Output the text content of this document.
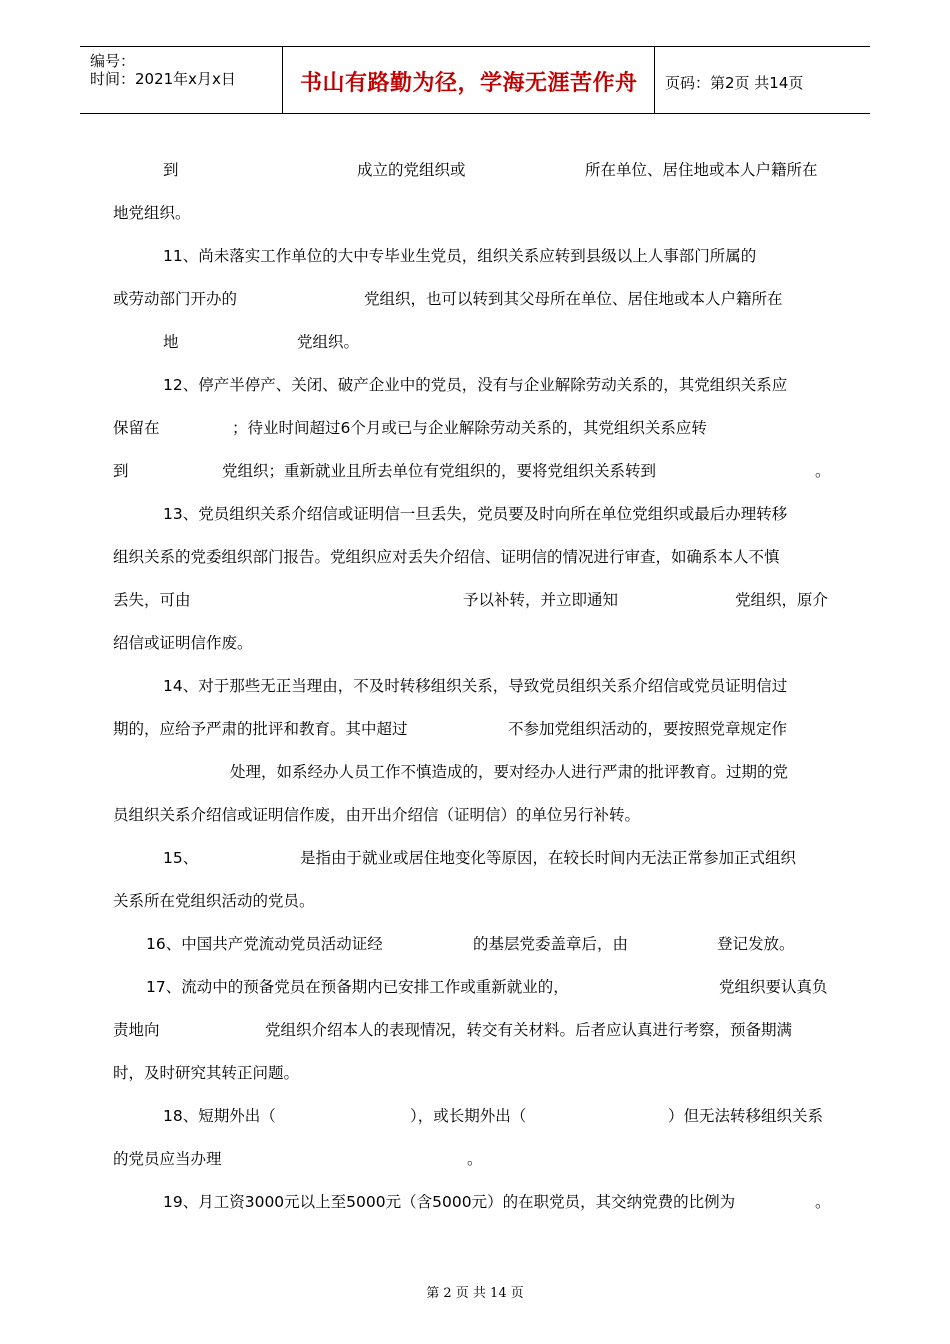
编号：
时间：2021年x月x日	书山有路勤为径，学海无涯苦作舟 页码：第2页 共14页
到	成立的党组织或	所在单位、居住地或本人户籍所在
地党组织。
11、尚未落实工作单位的大中专毕业生党员，组织关系应转到县级以上人事部门所属的
或劳动部门开办的	党组织，也可以转到其父母所在单位、居住地或本人户籍所在
地	党组织。
12、停产半停产、关闭、破产企业中的党员，没有与企业解除劳动关系的，其党组织关系应
保留在	；待业时间超过6个月或已与企业解除劳动关系的，其党组织关系应转
到	党组织；重新就业且所去单位有党组织的，要将党组织关系转到	。
13、党员组织关系介绍信或证明信一旦丢失，党员要及时向所在单位党组织或最后办理转移
组织关系的党委组织部门报告。党组织应对丢失介绍信、证明信的情况进行审查，如确系本人不慎
丢失，可由	予以补转，并立即通知	党组织，原介
绍信或证明信作废。
14、对于那些无正当理由，不及时转移组织关系，导致党员组织关系介绍信或党员证明信过
期的，应给予严肃的批评和教育。其中超过	不参加党组织活动的，要按照党章规定作
处理，如系经办人员工作不慎造成的，要对经办人进行严肃的批评教育。过期的党
员组织关系介绍信或证明信作废，由开出介绍信（证明信）的单位另行补转。
15、	是指由于就业或居住地变化等原因，在较长时间内无法正常参加正式组织
关系所在党组织活动的党员。
16、中国共产党流动党员活动证经	的基层党委盖章后，由	登记发放。
17、流动中的预备党员在预备期内已安排工作或重新就业的，	党组织要认真负
责地向	党组织介绍本人的表现情况，转交有关材料。后者应认真进行考察，预备期满
时，及时研究其转正问题。
18、短期外出（	），或长期外出（	）但无法转移组织关系
的党员应当办理	。
19、月工资3000元以上至5000元（含5000元）的在职党员，其交纳党费的比例为	。
第 2 页 共 14 页
